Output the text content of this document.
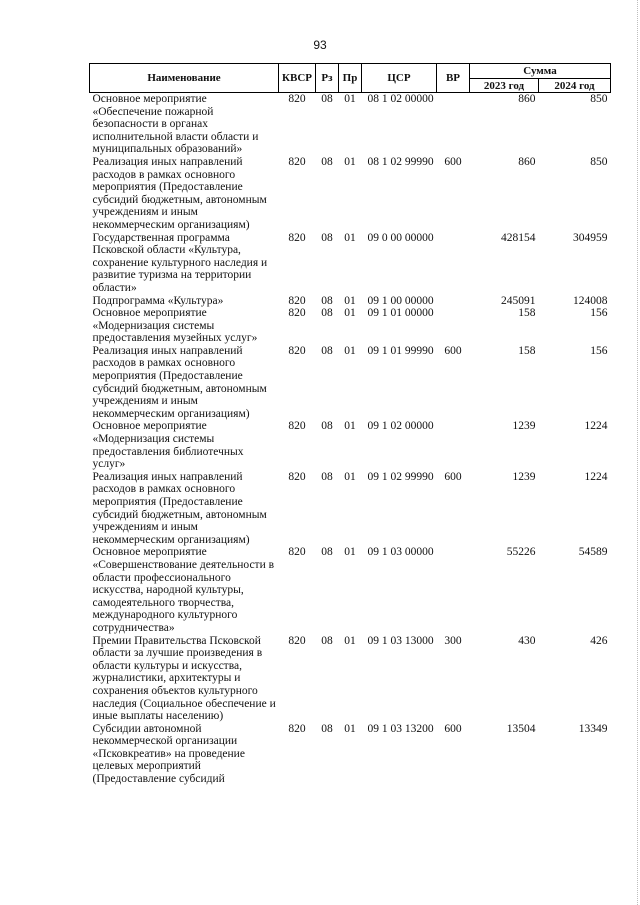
93
Наименование	КВСР	Рз	Пр	ЦСР	ВР	Сумма	
						2023 год	2024 год
Основное мероприятие «Обеспечение пожарной безопасности в органах исполнительной власти области и муниципальных образований»	820	08	01	08 1 02 00000		860	850
Реализация иных направлений расходов в рамках основного мероприятия (Предоставление субсидий бюджетным, автономным учреждениям и иным некоммерческим организациям)	820	08	01	08 1 02 99990	600	860	850
Государственная программа Псковской области «Культура, сохранение культурного наследия и развитие туризма на территории области»	820	08	01	09 0 00 00000		428154	304959
Подпрограмма «Культура»	820	08	01	09 1 00 00000		245091	124008
Основное мероприятие «Модернизация системы предоставления музейных услуг»	820	08	01	09 1 01 00000		158	156
Реализация иных направлений расходов в рамках основного мероприятия (Предоставление субсидий бюджетным, автономным учреждениям и иным некоммерческим организациям)	820	08	01	09 1 01 99990	600	158	156
Основное мероприятие «Модернизация системы предоставления библиотечных услуг»	820	08	01	09 1 02 00000		1239	1224
Реализация иных направлений расходов в рамках основного мероприятия (Предоставление субсидий бюджетным, автономным учреждениям и иным некоммерческим организациям)	820	08	01	09 1 02 99990	600	1239	1224
Основное мероприятие «Совершенствование деятельности в области профессионального искусства, народной культуры, самодеятельного творчества, международного культурного сотрудничества»	820	08	01	09 1 03 00000		55226	54589
Премии Правительства Псковской области за лучшие произведения в области культуры и искусства, журналистики, архитектуры и сохранения объектов культурного наследия (Социальное обеспечение и иные выплаты населению)	820	08	01	09 1 03 13000	300	430	426
Субсидии автономной некоммерческой организации «Псковкреатив» на проведение целевых мероприятий (Предоставление субсидий	820	08	01	09 1 03 13200	600	13504	13349
